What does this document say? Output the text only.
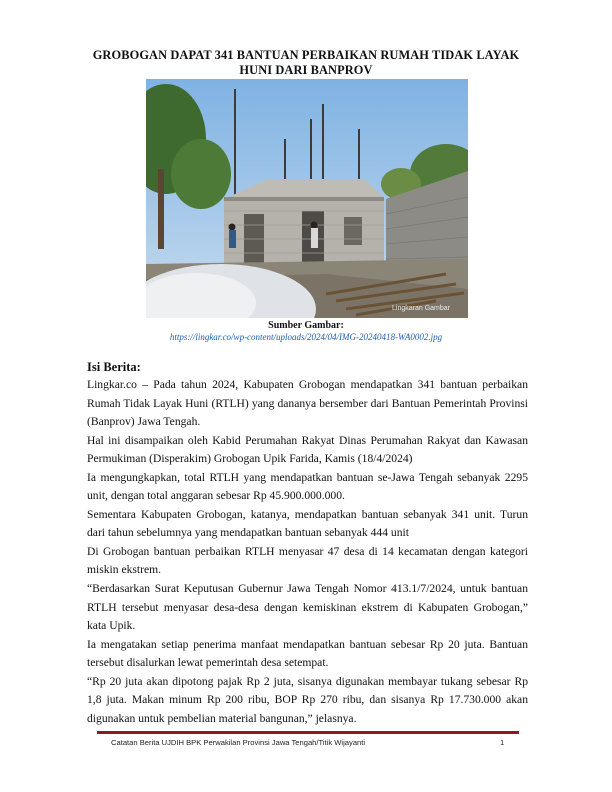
GROBOGAN DAPAT 341 BANTUAN PERBAIKAN RUMAH TIDAK LAYAK
HUNI DARI BANPROV
Lingkaran Gambar
Sumber Gambar:
https://lingkar.co/wp-content/uploads/2024/04/IMG-20240418-WA0002.jpg
Isi Berita:

Lingkar.co – Pada tahun 2024, Kabupaten Grobogan mendapatkan 341 bantuan perbaikan Rumah Tidak Layak Huni (RTLH) yang dananya bersember dari Bantuan Pemerintah Provinsi (Banprov) Jawa Tengah.

Hal ini disampaikan oleh Kabid Perumahan Rakyat Dinas Perumahan Rakyat dan Kawasan Permukiman (Disperakim) Grobogan Upik Farida, Kamis (18/4/2024)

Ia mengungkapkan, total RTLH yang mendapatkan bantuan se-Jawa Tengah sebanyak 2295 unit, dengan total anggaran sebesar Rp 45.900.000.000.

Sementara Kabupaten Grobogan, katanya, mendapatkan bantuan sebanyak 341 unit. Turun dari tahun sebelumnya yang mendapatkan bantuan sebanyak 444 unit

Di Grobogan bantuan perbaikan RTLH menyasar 47 desa di 14 kecamatan dengan kategori miskin ekstrem.

“Berdasarkan Surat Keputusan Gubernur Jawa Tengah Nomor 413.1/7/2024, untuk bantuan RTLH tersebut menyasar desa-desa dengan kemiskinan ekstrem di Kabupaten Grobogan,” kata Upik.

Ia mengatakan setiap penerima manfaat mendapatkan bantuan sebesar Rp 20 juta. Bantuan tersebut disalurkan lewat pemerintah desa setempat.

“Rp 20 juta akan dipotong pajak Rp 2 juta, sisanya digunakan membayar tukang sebesar Rp 1,8 juta. Makan minum Rp 200 ribu, BOP Rp 270 ribu, dan sisanya Rp 17.730.000 akan digunakan untuk pembelian material bangunan,” jelasnya.

Catatan Berita UJDIH BPK Perwakilan Provinsi Jawa Tengah/Titik Wijayanti	1
